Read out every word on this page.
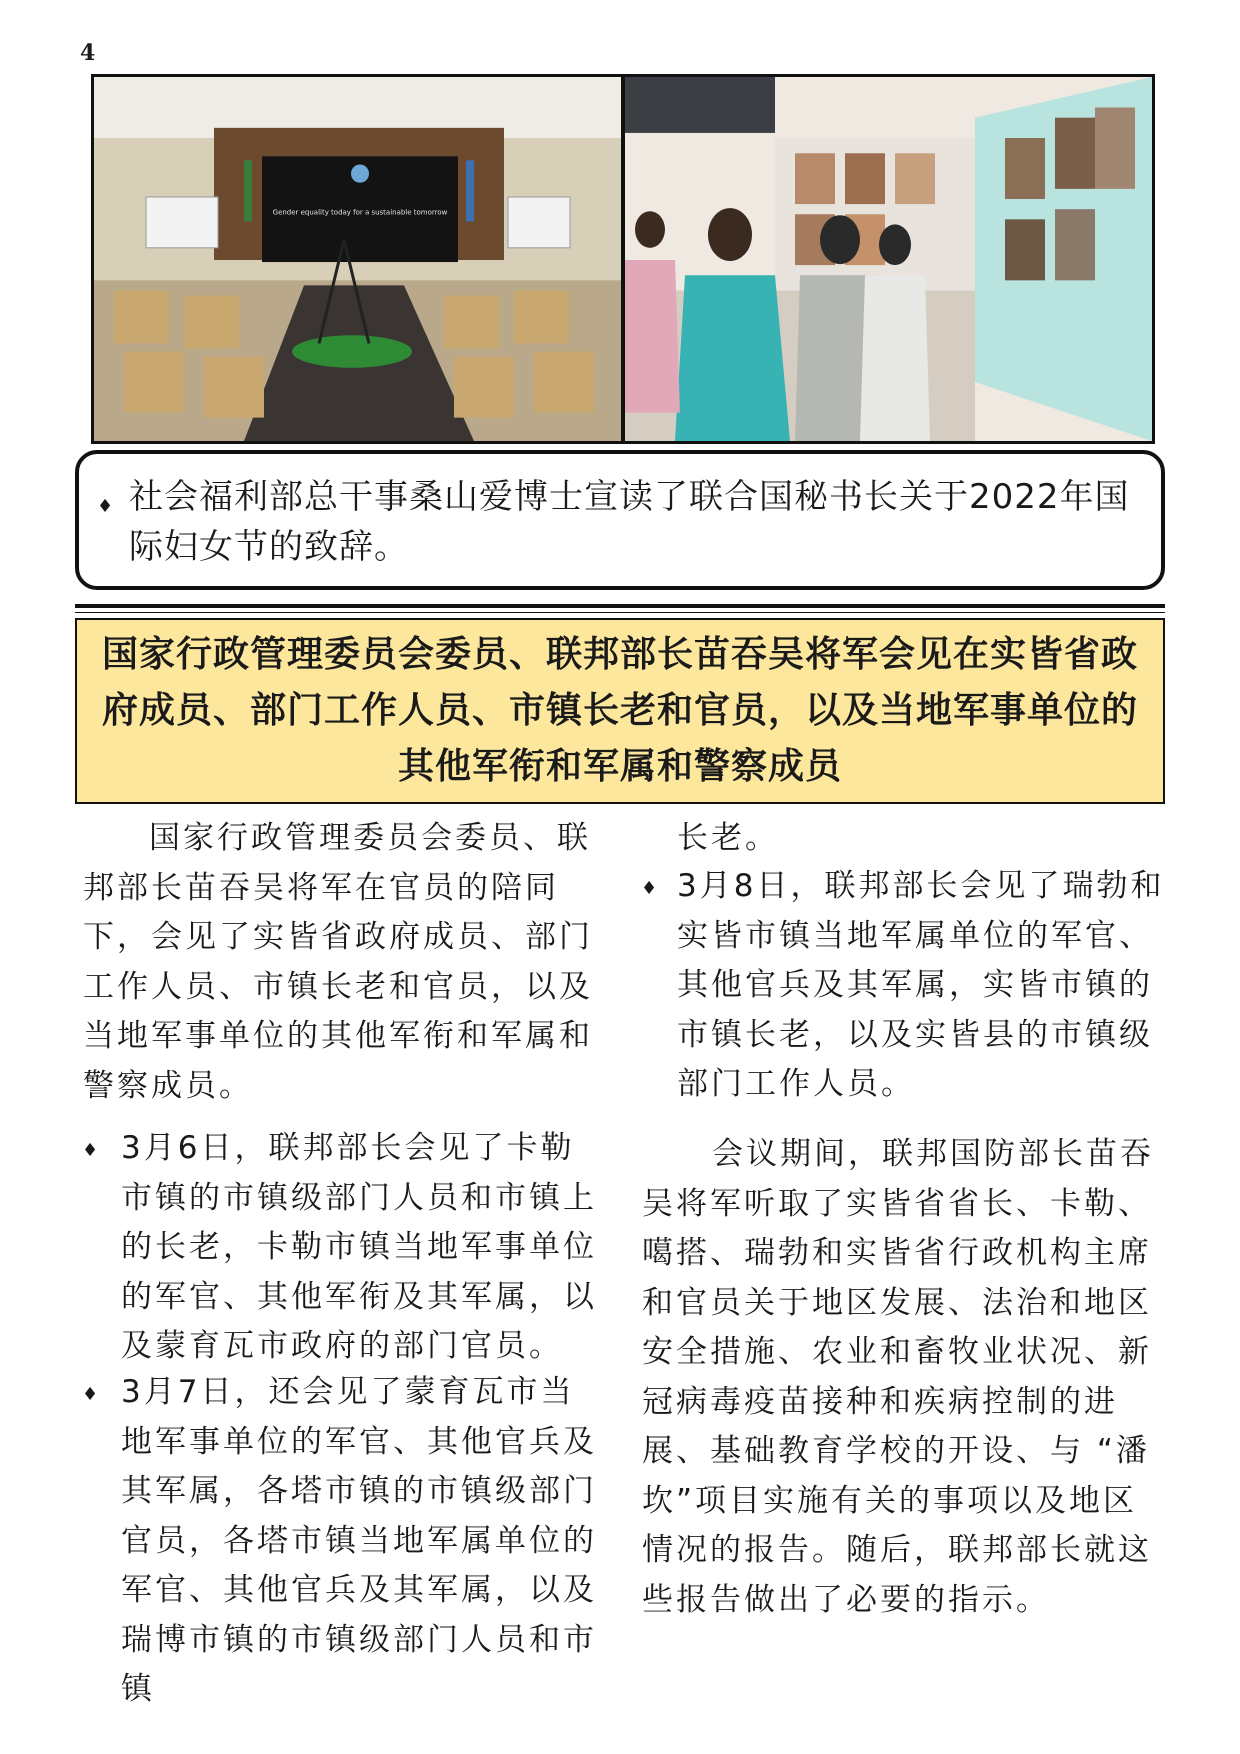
4
Gender equality today for a sustainable tomorrow
♦ 社会福利部总干事桑山爱博士宣读了联合国秘书长关于2022年国际妇女节的致辞。

国家行政管理委员会委员、联邦部长苗吞吴将军会见在实皆省政府成员、部门工作人员、市镇长老和官员，以及当地军事单位的其他军衔和军属和警察成员

国家行政管理委员会委员、联邦部长苗吞吴将军在官员的陪同下，会见了实皆省政府成员、部门工作人员、市镇长老和官员，以及当地军事单位的其他军衔和军属和警察成员。

♦ 3月6日，联邦部长会见了卡勒市镇的市镇级部门人员和市镇上的长老，卡勒市镇当地军事单位的军官、其他军衔及其军属，以及蒙育瓦市政府的部门官员。

♦ 3月7日，还会见了蒙育瓦市当地军事单位的军官、其他官兵及其军属，各塔市镇的市镇级部门官员，各塔市镇当地军属单位的军官、其他官兵及其军属，以及瑞博市镇的市镇级部门人员和市镇

长老。

♦ 3月8日，联邦部长会见了瑞勃和实皆市镇当地军属单位的军官、其他官兵及其军属，实皆市镇的市镇长老，以及实皆县的市镇级部门工作人员。

会议期间，联邦国防部长苗吞吴将军听取了实皆省省长、卡勒、噶搭、瑞勃和实皆省行政机构主席和官员关于地区发展、法治和地区安全措施、农业和畜牧业状况、新冠病毒疫苗接种和疾病控制的进展、基础教育学校的开设、与 “潘坎”项目实施有关的事项以及地区情况的报告。随后，联邦部长就这些报告做出了必要的指示。
